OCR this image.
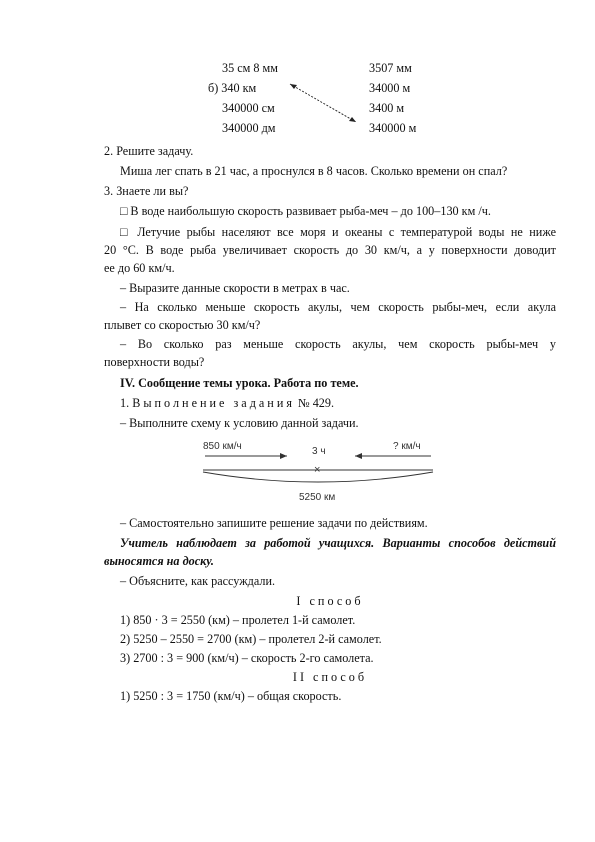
35 см 8 мм	3507 мм
б) 340 км	34000 м
340000 см	3400 м
340000 дм	340000 м
2. Решите задачу.
Миша лег спать в 21 час, а проснулся в 8 часов. Сколько времени он спал?
3. Знаете ли вы?
□ В воде наибольшую скорость развивает рыба-меч – до 100–130 км /ч.
□ Летучие рыбы населяют все моря и океаны с температурой воды не ниже
20 °С. В воде рыба увеличивает скорость до 30 км/ч, а у поверхности доводит
ее до 60 км/ч.
– Выразите данные скорости в метрах в час.
– На сколько меньше скорость акулы, чем скорость рыбы-меч, если акула
плывет со скоростью 30 км/ч?
– Во сколько раз меньше скорость акулы, чем скорость рыбы-меч у
поверхности воды?
IV. Сообщение темы урока. Работа по теме.
1. Выполнение задания № 429.
– Выполните схему к условию данной задачи.
850 км/ч	3 ч
×
? км/ч
5250 км
– Самостоятельно запишите решение задачи по действиям.
Учитель наблюдает за работой учащихся. Варианты способов действий
выносятся на доску.
– Объясните, как рассуждали.
I способ
1) 850 · 3 = 2550 (км) – пролетел 1-й самолет.
2) 5250 – 2550 = 2700 (км) – пролетел 2-й самолет.
3) 2700 : 3 = 900 (км/ч) – скорость 2-го самолета.
II способ
1) 5250 : 3 = 1750 (км/ч) – общая скорость.
